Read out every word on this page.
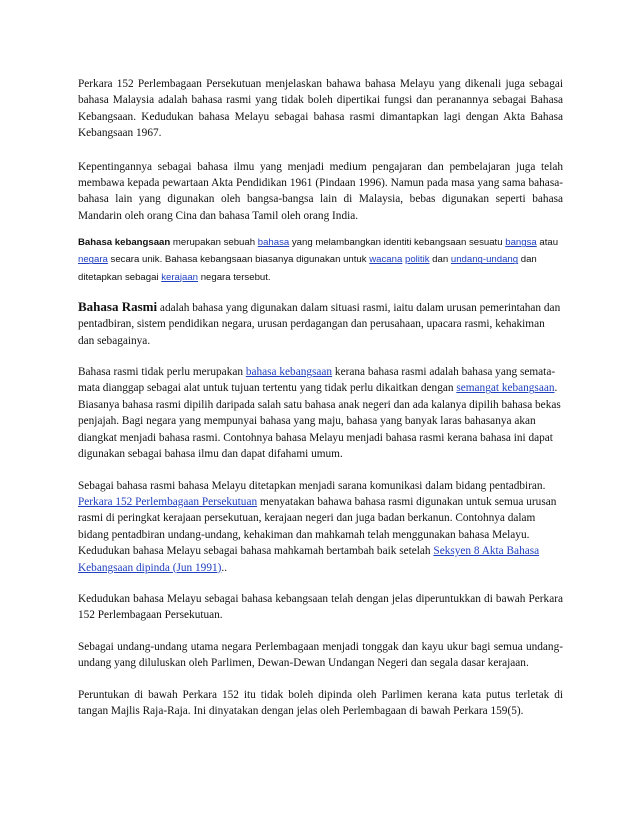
Perkara 152 Perlembagaan Persekutuan menjelaskan bahawa bahasa Melayu yang dikenali juga sebagai bahasa Malaysia adalah bahasa rasmi yang tidak boleh dipertikai fungsi dan peranannya sebagai Bahasa Kebangsaan. Kedudukan bahasa Melayu sebagai bahasa rasmi dimantapkan lagi dengan Akta Bahasa Kebangsaan 1967.

Kepentingannya sebagai bahasa ilmu yang menjadi medium pengajaran dan pembelajaran juga telah membawa kepada pewartaan Akta Pendidikan 1961 (Pindaan 1996). Namun pada masa yang sama bahasa-bahasa lain yang digunakan oleh bangsa-bangsa lain di Malaysia, bebas digunakan seperti bahasa Mandarin oleh orang Cina dan bahasa Tamil oleh orang India.

Bahasa kebangsaan merupakan sebuah bahasa yang melambangkan identiti kebangsaan sesuatu bangsa atau negara secara unik. Bahasa kebangsaan biasanya digunakan untuk wacana politik dan undang-undang dan ditetapkan sebagai kerajaan negara tersebut.

Bahasa Rasmi adalah bahasa yang digunakan dalam situasi rasmi, iaitu dalam urusan pemerintahan dan pentadbiran, sistem pendidikan negara, urusan perdagangan dan perusahaan, upacara rasmi, kehakiman dan sebagainya.

Bahasa rasmi tidak perlu merupakan bahasa kebangsaan kerana bahasa rasmi adalah bahasa yang semata-mata dianggap sebagai alat untuk tujuan tertentu yang tidak perlu dikaitkan dengan semangat kebangsaan. Biasanya bahasa rasmi dipilih daripada salah satu bahasa anak negeri dan ada kalanya dipilih bahasa bekas penjajah. Bagi negara yang mempunyai bahasa yang maju, bahasa yang banyak laras bahasanya akan diangkat menjadi bahasa rasmi. Contohnya bahasa Melayu menjadi bahasa rasmi kerana bahasa ini dapat digunakan sebagai bahasa ilmu dan dapat difahami umum.

Sebagai bahasa rasmi bahasa Melayu ditetapkan menjadi sarana komunikasi dalam bidang pentadbiran. Perkara 152 Perlembagaan Persekutuan menyatakan bahawa bahasa rasmi digunakan untuk semua urusan rasmi di peringkat kerajaan persekutuan, kerajaan negeri dan juga badan berkanun. Contohnya dalam bidang pentadbiran undang-undang, kehakiman dan mahkamah telah menggunakan bahasa Melayu. Kedudukan bahasa Melayu sebagai bahasa mahkamah bertambah baik setelah Seksyen 8 Akta Bahasa Kebangsaan dipinda (Jun 1991)..

Kedudukan bahasa Melayu sebagai bahasa kebangsaan telah dengan jelas diperuntukkan di bawah Perkara 152 Perlembagaan Persekutuan.

Sebagai undang-undang utama negara Perlembagaan menjadi tonggak dan kayu ukur bagi semua undang-undang yang diluluskan oleh Parlimen, Dewan-Dewan Undangan Negeri dan segala dasar kerajaan.

Peruntukan di bawah Perkara 152 itu tidak boleh dipinda oleh Parlimen kerana kata putus terletak di tangan Majlis Raja-Raja. Ini dinyatakan dengan jelas oleh Perlembagaan di bawah Perkara 159(5).
